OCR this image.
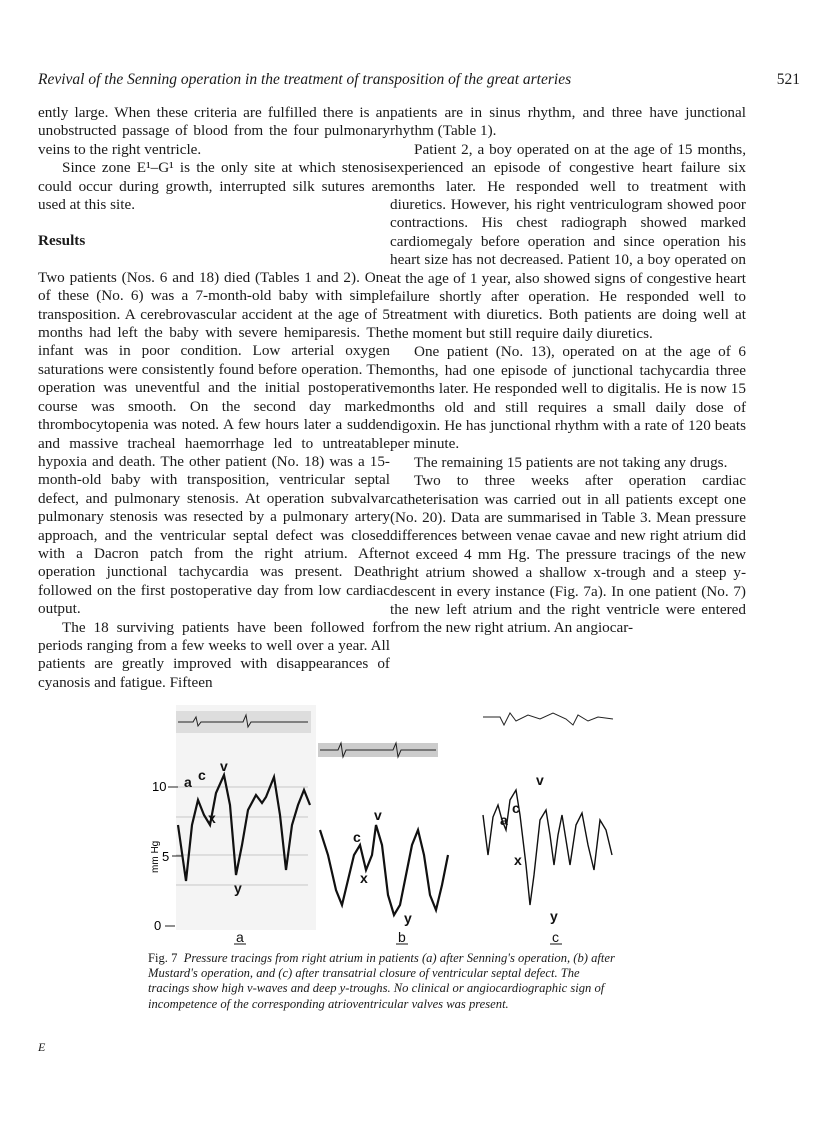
Revival of the Senning operation in the treatment of transposition of the great arteries	521

ently large. When these criteria are fulfilled there is an unobstructed passage of blood from the four pulmonary veins to the right ventricle.

Since zone E¹–G¹ is the only site at which stenosis could occur during growth, interrupted silk sutures are used at this site.

Results

Two patients (Nos. 6 and 18) died (Tables 1 and 2). One of these (No. 6) was a 7-month-old baby with simple transposition. A cerebrovascular accident at the age of 5 months had left the baby with severe hemiparesis. The infant was in poor condition. Low arterial oxygen saturations were consistently found before operation. The operation was uneventful and the initial postoperative course was smooth. On the second day marked thrombocytopenia was noted. A few hours later a sudden and massive tracheal haemorrhage led to untreatable hypoxia and death. The other patient (No. 18) was a 15-month-old baby with transposition, ventricular septal defect, and pulmonary stenosis. At operation subvalvar pulmonary stenosis was resected by a pulmonary artery approach, and the ventricular septal defect was closed with a Dacron patch from the right atrium. After operation junctional tachycardia was present. Death followed on the first postoperative day from low cardiac output.

The 18 surviving patients have been followed for periods ranging from a few weeks to well over a year. All patients are greatly improved with disappearances of cyanosis and fatigue. Fifteen

patients are in sinus rhythm, and three have junctional rhythm (Table 1).

Patient 2, a boy operated on at the age of 15 months, experienced an episode of congestive heart failure six months later. He responded well to treatment with diuretics. However, his right ventriculogram showed poor contractions. His chest radiograph showed marked cardiomegaly before operation and since operation his heart size has not decreased. Patient 10, a boy operated on at the age of 1 year, also showed signs of congestive heart failure shortly after operation. He responded well to treatment with diuretics. Both patients are doing well at the moment but still require daily diuretics.

One patient (No. 13), operated on at the age of 6 months, had one episode of junctional tachycardia three months later. He responded well to digitalis. He is now 15 months old and still requires a small daily dose of digoxin. He has junctional rhythm with a rate of 120 beats per minute.

The remaining 15 patients are not taking any drugs.

Two to three weeks after operation cardiac catheterisation was carried out in all patients except one (No. 20). Data are summarised in Table 3. Mean pressure differences between venae cavae and new right atrium did not exceed 4 mm Hg. The pressure tracings of the new right atrium showed a shallow x-trough and a steep y-descent in every instance (Fig. 7a). In one patient (No. 7) the new left atrium and the right ventricle were entered from the new right atrium. An angiocar-

10
5
0
mm Hg
a c
v
x
y
c
v
x
y
a
c
v
x
y
a	b	c
Fig. 7 Pressure tracings from right atrium in patients (a) after Senning's operation, (b) after Mustard's operation, and (c) after transatrial closure of ventricular septal defect. The tracings show high v-waves and deep y-troughs. No clinical or angiocardiographic sign of incompetence of the corresponding atrioventricular valves was present.
E
